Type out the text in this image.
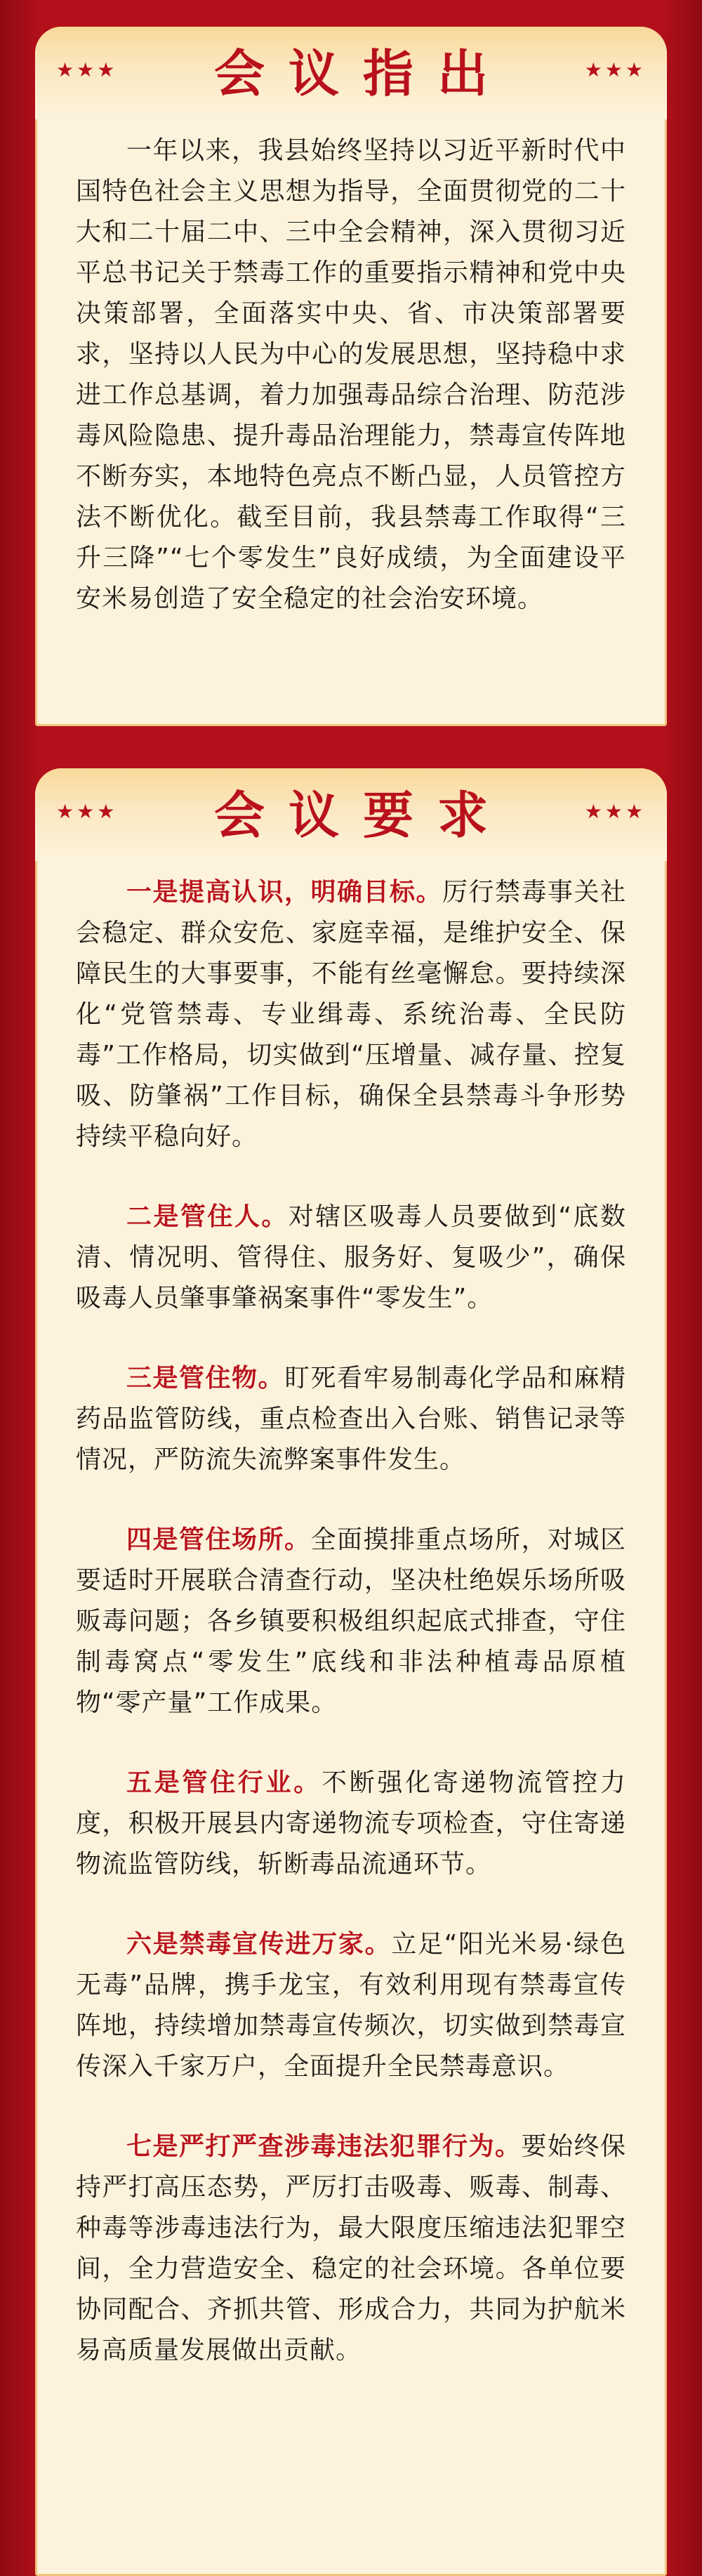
★★★	会议指出	★★★

一年以来，我县始终坚持以习近平新时代中国特色社会主义思想为指导，全面贯彻党的二十大和二十届二中、三中全会精神，深入贯彻习近平总书记关于禁毒工作的重要指示精神和党中央决策部署，全面落实中央、省、市决策部署要求，坚持以人民为中心的发展思想，坚持稳中求进工作总基调，着力加强毒品综合治理、防范涉毒风险隐患、提升毒品治理能力，禁毒宣传阵地不断夯实，本地特色亮点不断凸显，人员管控方法不断优化。截至目前，我县禁毒工作取得“三升三降”“七个零发生”良好成绩，为全面建设平安米易创造了安全稳定的社会治安环境。

★★★	会议要求	★★★

一是提高认识，明确目标。厉行禁毒事关社会稳定、群众安危、家庭幸福，是维护安全、保障民生的大事要事，不能有丝毫懈怠。要持续深化“党管禁毒、专业缉毒、系统治毒、全民防毒”工作格局，切实做到“压增量、减存量、控复吸、防肇祸”工作目标，确保全县禁毒斗争形势持续平稳向好。

二是管住人。对辖区吸毒人员要做到“底数清、情况明、管得住、服务好、复吸少”，确保吸毒人员肇事肇祸案事件“零发生”。

三是管住物。盯死看牢易制毒化学品和麻精药品监管防线，重点检查出入台账、销售记录等情况，严防流失流弊案事件发生。

四是管住场所。全面摸排重点场所，对城区要适时开展联合清查行动，坚决杜绝娱乐场所吸贩毒问题；各乡镇要积极组织起底式排查，守住制毒窝点“零发生”底线和非法种植毒品原植物“零产量”工作成果。

五是管住行业。不断强化寄递物流管控力度，积极开展县内寄递物流专项检查，守住寄递物流监管防线，斩断毒品流通环节。

六是禁毒宣传进万家。立足“阳光米易·绿色无毒”品牌，携手龙宝，有效利用现有禁毒宣传阵地，持续增加禁毒宣传频次，切实做到禁毒宣传深入千家万户，全面提升全民禁毒意识。

七是严打严查涉毒违法犯罪行为。要始终保持严打高压态势，严厉打击吸毒、贩毒、制毒、种毒等涉毒违法行为，最大限度压缩违法犯罪空间，全力营造安全、稳定的社会环境。各单位要协同配合、齐抓共管、形成合力，共同为护航米易高质量发展做出贡献。
